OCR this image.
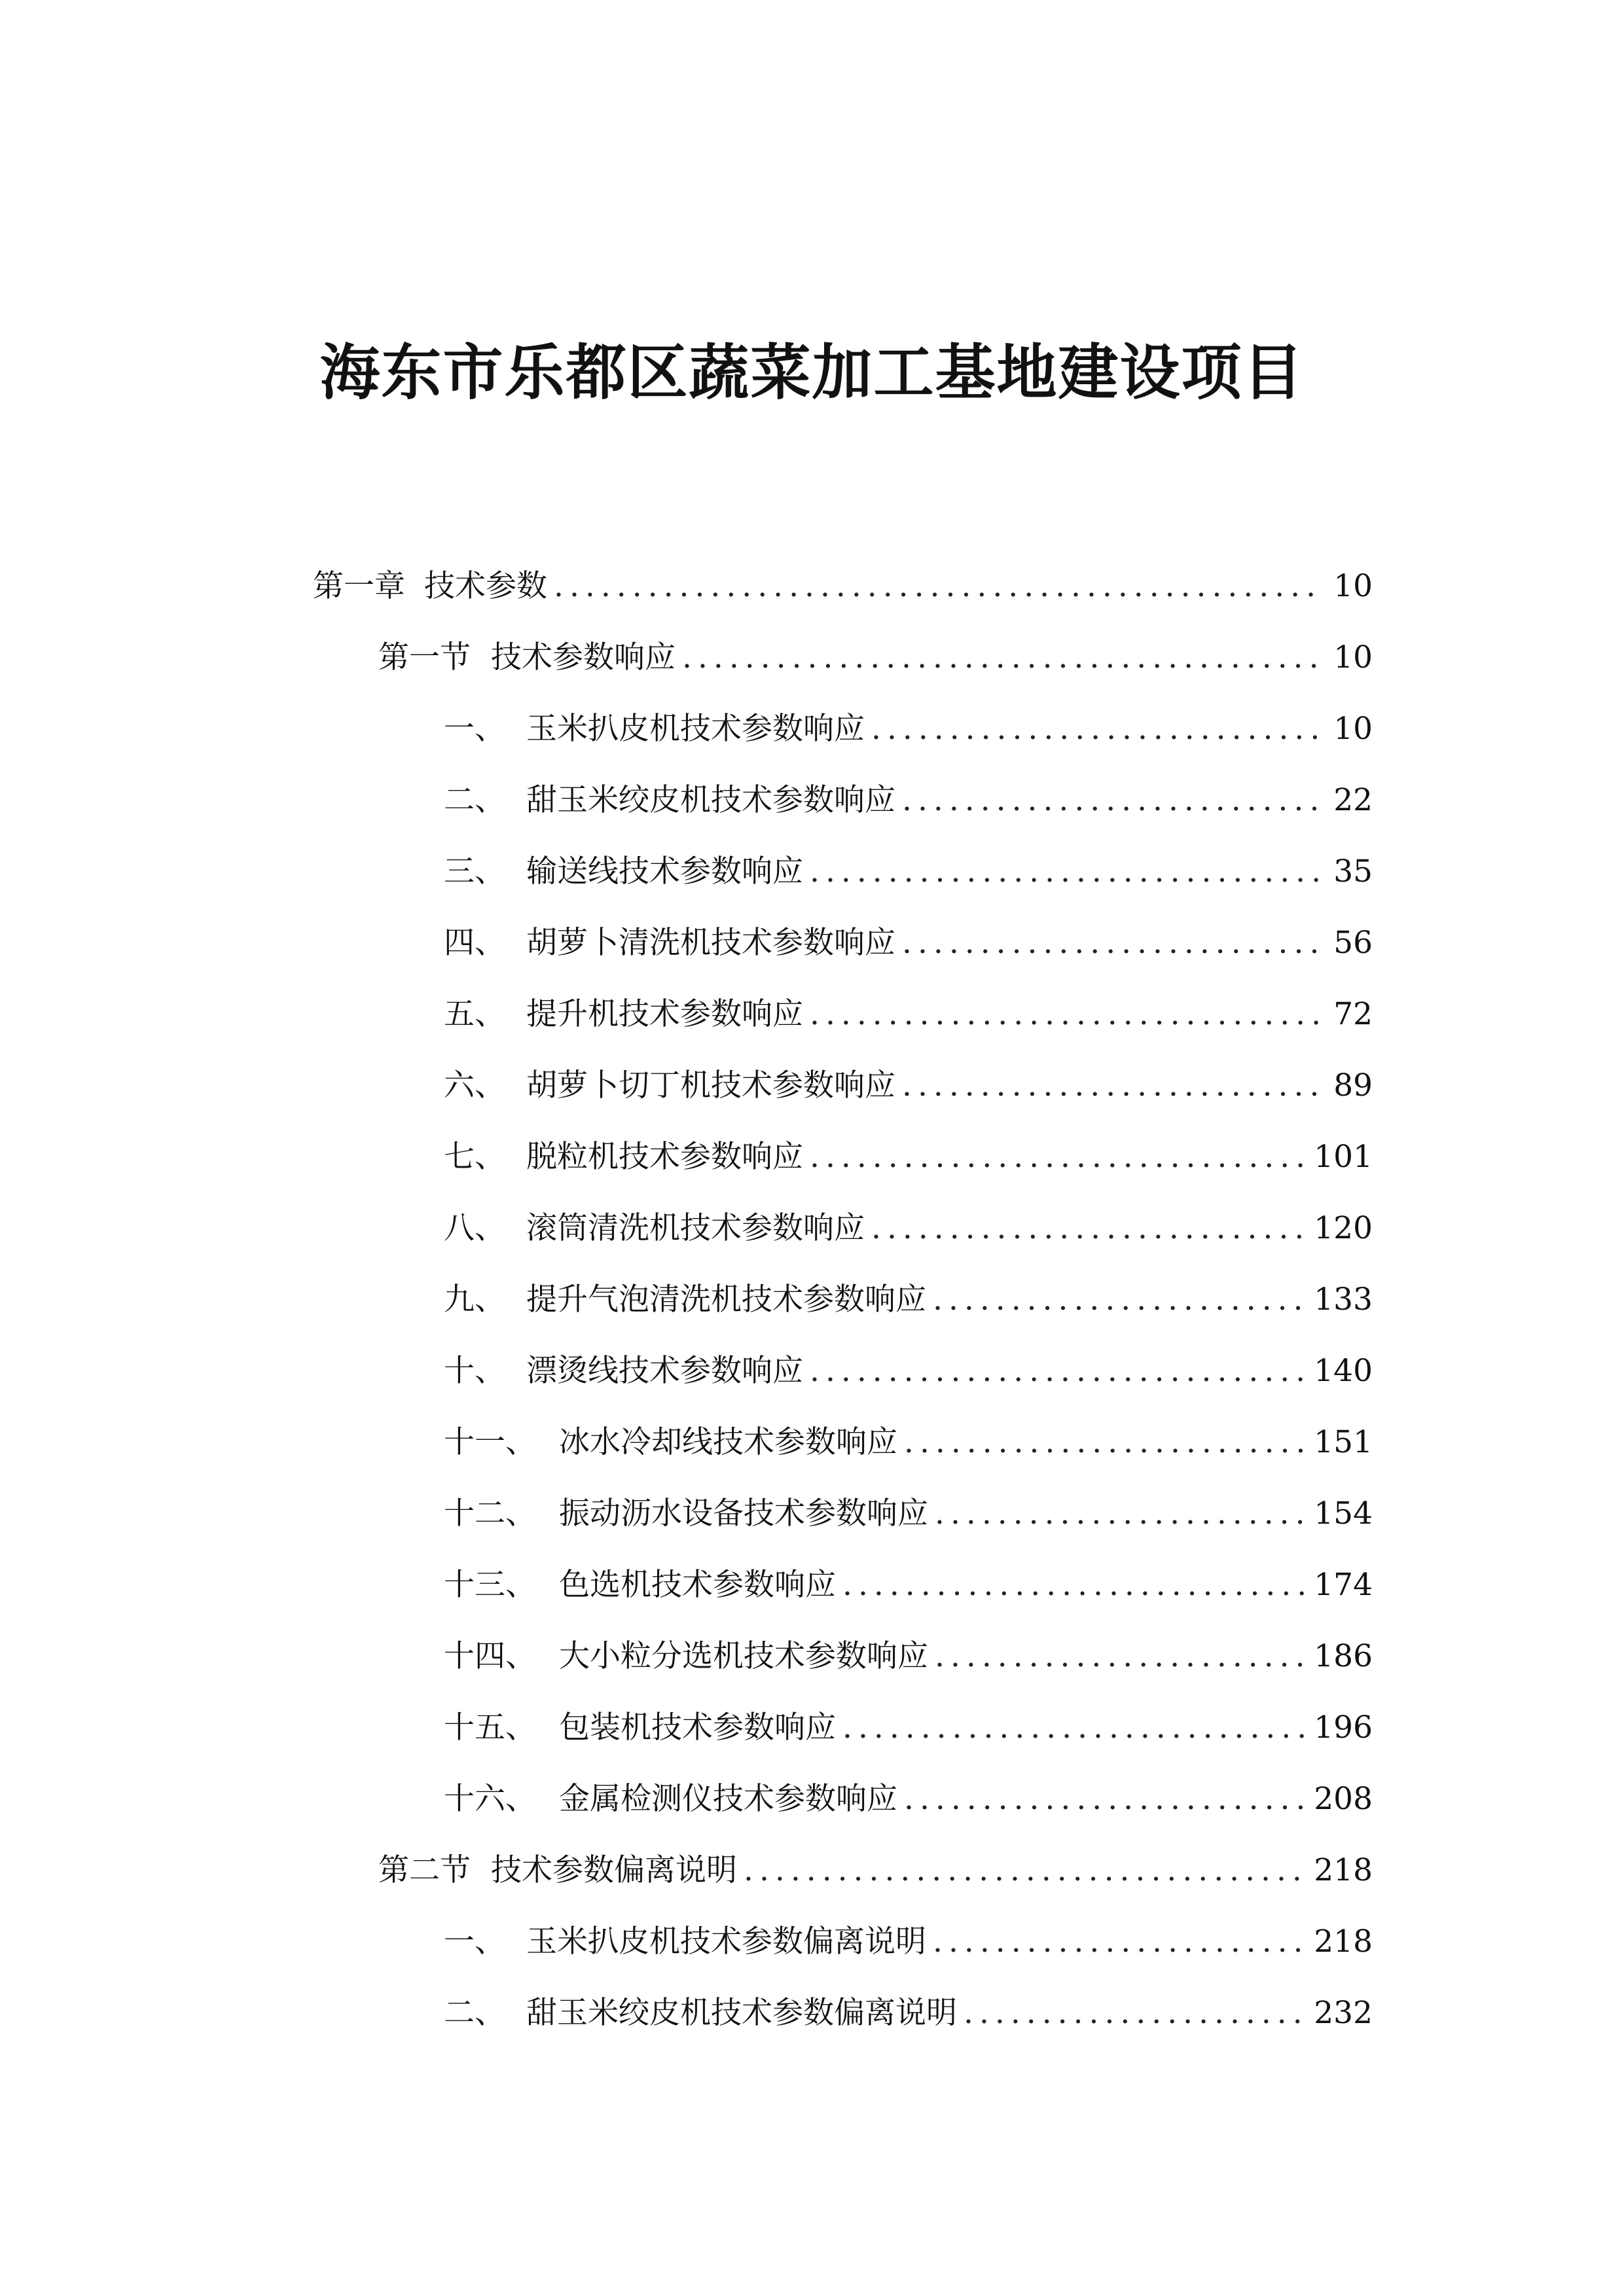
海东市乐都区蔬菜加工基地建设项目
第一章 技术参数 .....	10
第一节 技术参数响应 .....	10
一、 玉米扒皮机技术参数响应 .....	10
二、 甜玉米绞皮机技术参数响应 .....	22
三、 输送线技术参数响应 .....	35
四、 胡萝卜清洗机技术参数响应 .....	56
五、 提升机技术参数响应 .....	72
六、 胡萝卜切丁机技术参数响应 .....	89
七、 脱粒机技术参数响应 .....	101
八、 滚筒清洗机技术参数响应 .....	120
九、 提升气泡清洗机技术参数响应 .....	133
十、 漂烫线技术参数响应 .....	140
十一、 冰水冷却线技术参数响应 .....	151
十二、 振动沥水设备技术参数响应 .....	154
十三、 色选机技术参数响应 .....	174
十四、 大小粒分选机技术参数响应 .....	186
十五、 包装机技术参数响应 .....	196
十六、 金属检测仪技术参数响应 .....	208
第二节 技术参数偏离说明 .....	218
一、 玉米扒皮机技术参数偏离说明 .....	218
二、 甜玉米绞皮机技术参数偏离说明 .....	232
